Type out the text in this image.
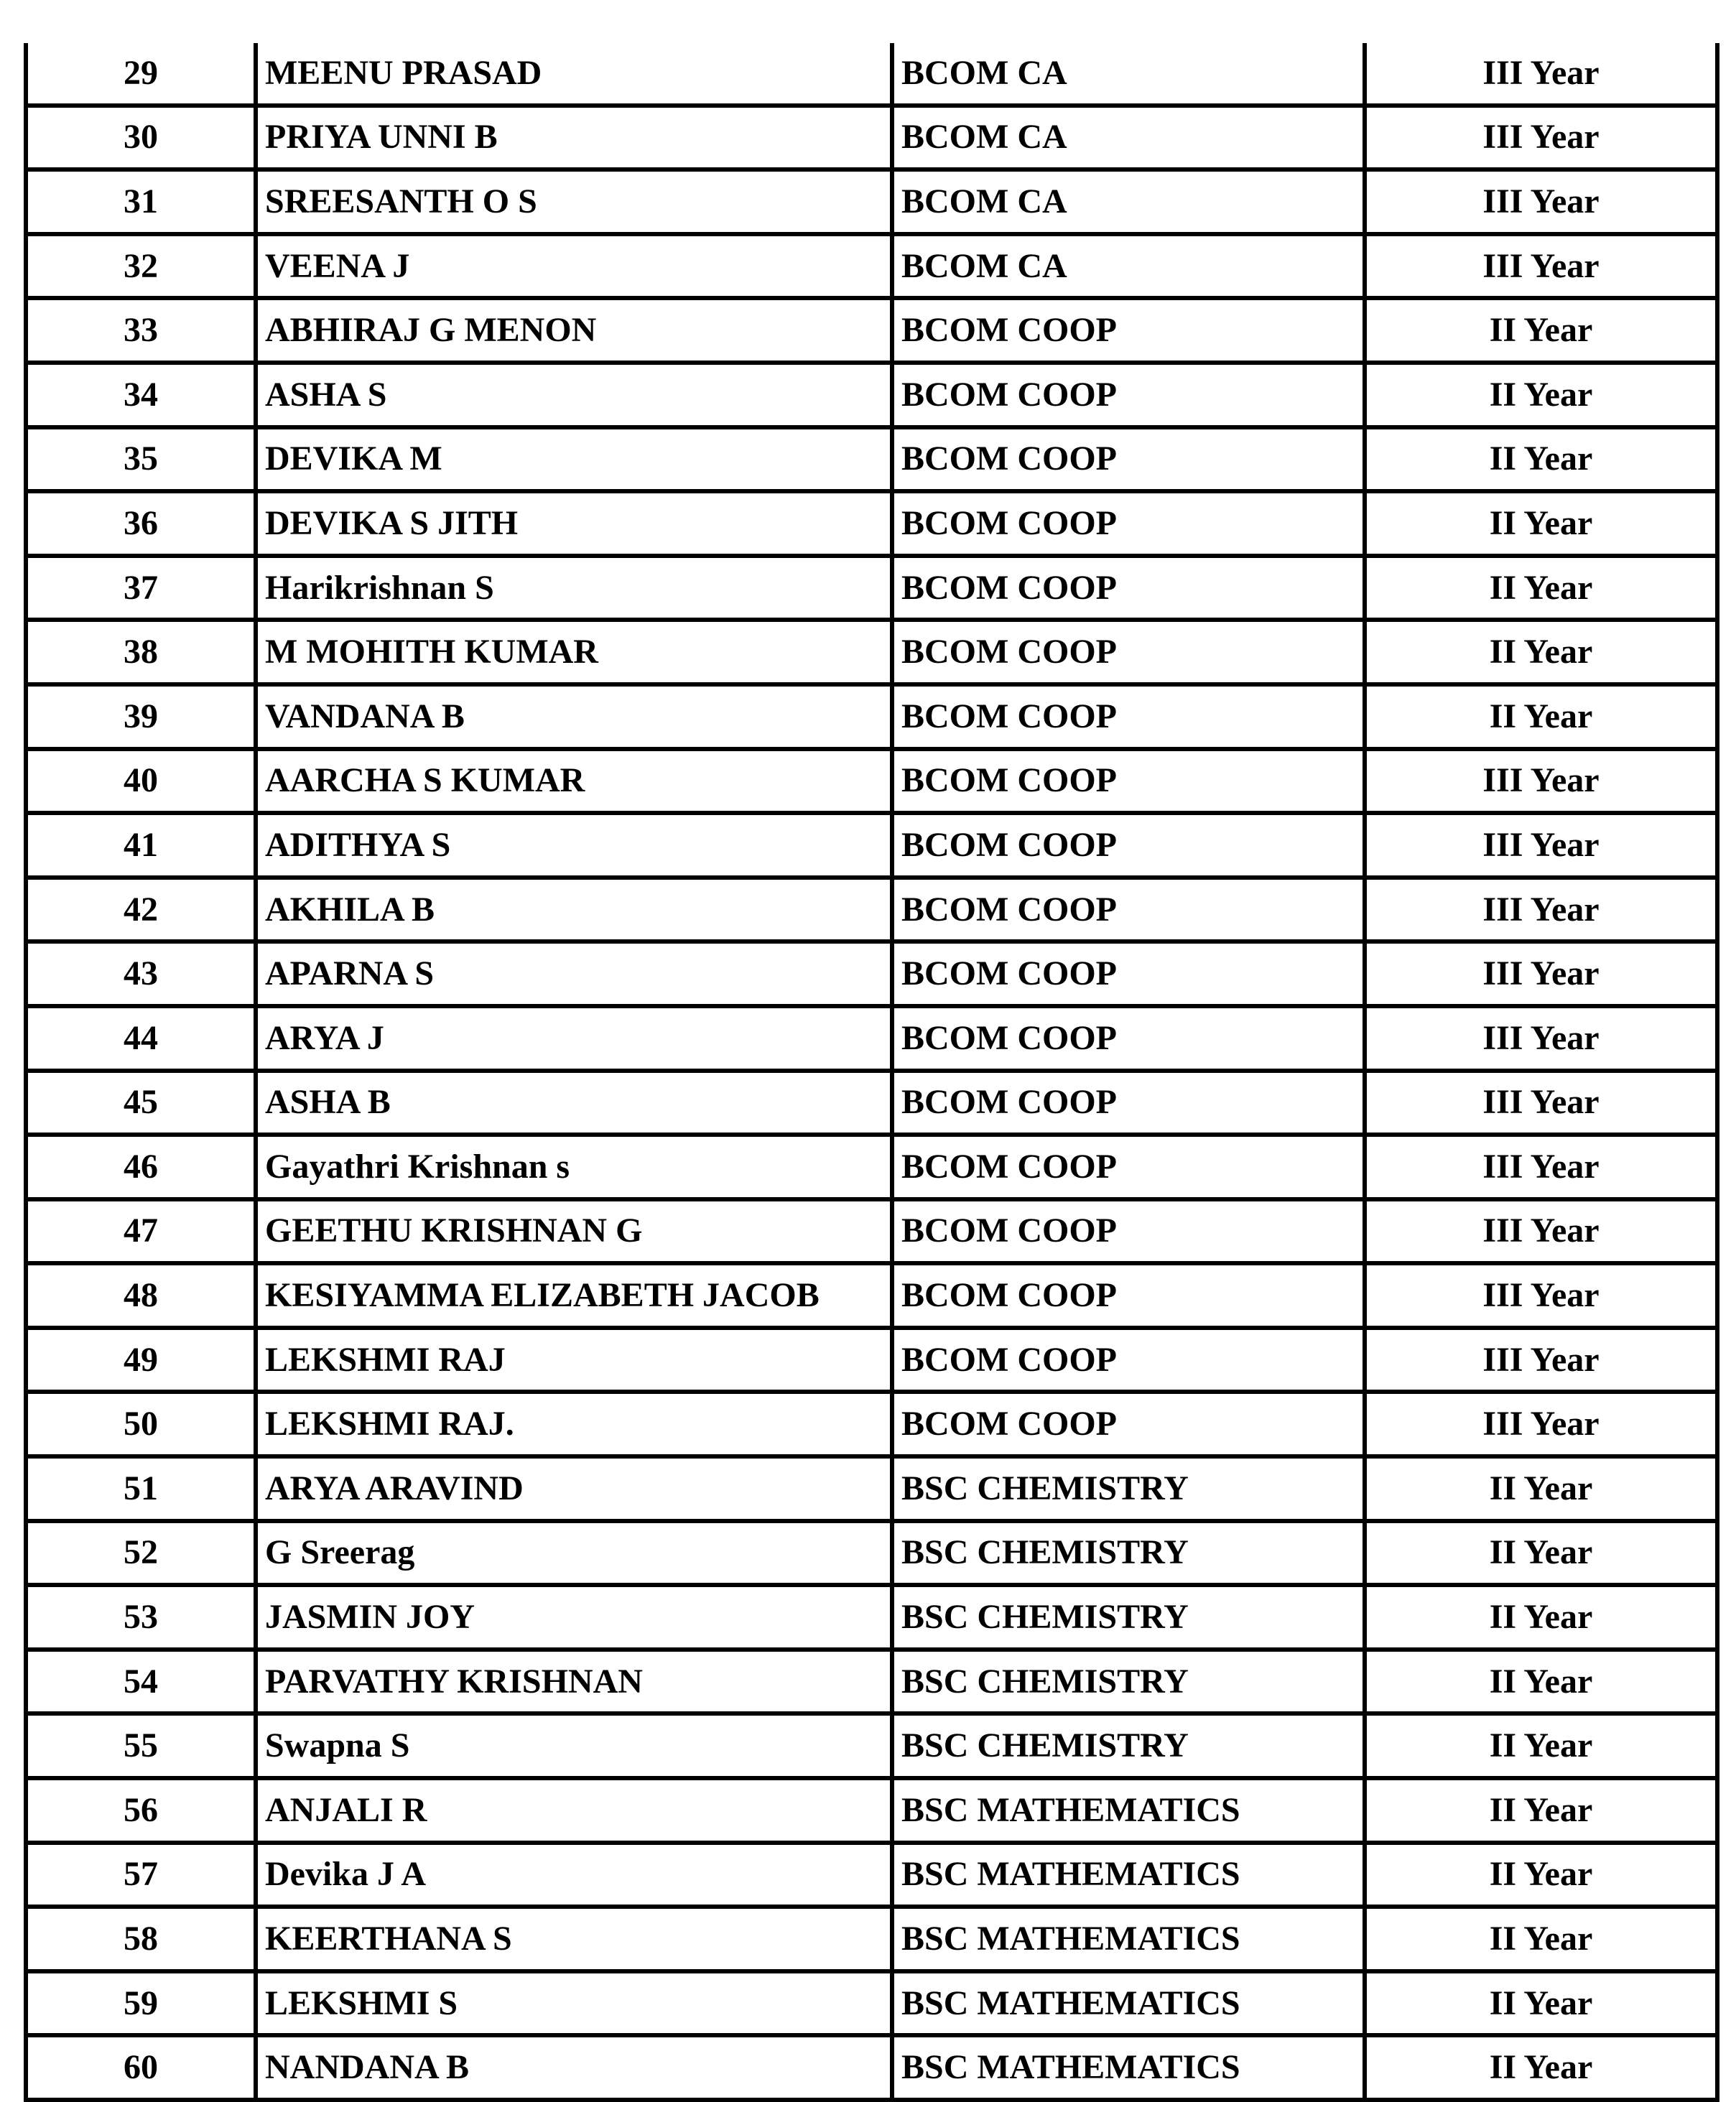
29	MEENU PRASAD	BCOM CA	III Year
30	PRIYA UNNI B	BCOM CA	III Year
31	SREESANTH O S	BCOM CA	III Year
32	VEENA J	BCOM CA	III Year
33	ABHIRAJ G MENON	BCOM COOP	II Year
34	ASHA S	BCOM COOP	II Year
35	DEVIKA M	BCOM COOP	II Year
36	DEVIKA S JITH	BCOM COOP	II Year
37	Harikrishnan S	BCOM COOP	II Year
38	M MOHITH KUMAR	BCOM COOP	II Year
39	VANDANA B	BCOM COOP	II Year
40	AARCHA S KUMAR	BCOM COOP	III Year
41	ADITHYA S	BCOM COOP	III Year
42	AKHILA B	BCOM COOP	III Year
43	APARNA S	BCOM COOP	III Year
44	ARYA J	BCOM COOP	III Year
45	ASHA B	BCOM COOP	III Year
46	Gayathri Krishnan s	BCOM COOP	III Year
47	GEETHU KRISHNAN G	BCOM COOP	III Year
48	KESIYAMMA ELIZABETH JACOB	BCOM COOP	III Year
49	LEKSHMI RAJ	BCOM COOP	III Year
50	LEKSHMI RAJ.	BCOM COOP	III Year
51	ARYA ARAVIND	BSC CHEMISTRY	II Year
52	G Sreerag	BSC CHEMISTRY	II Year
53	JASMIN JOY	BSC CHEMISTRY	II Year
54	PARVATHY KRISHNAN	BSC CHEMISTRY	II Year
55	Swapna S	BSC CHEMISTRY	II Year
56	ANJALI R	BSC MATHEMATICS	II Year
57	Devika J A	BSC MATHEMATICS	II Year
58	KEERTHANA S	BSC MATHEMATICS	II Year
59	LEKSHMI S	BSC MATHEMATICS	II Year
60	NANDANA B	BSC MATHEMATICS	II Year
